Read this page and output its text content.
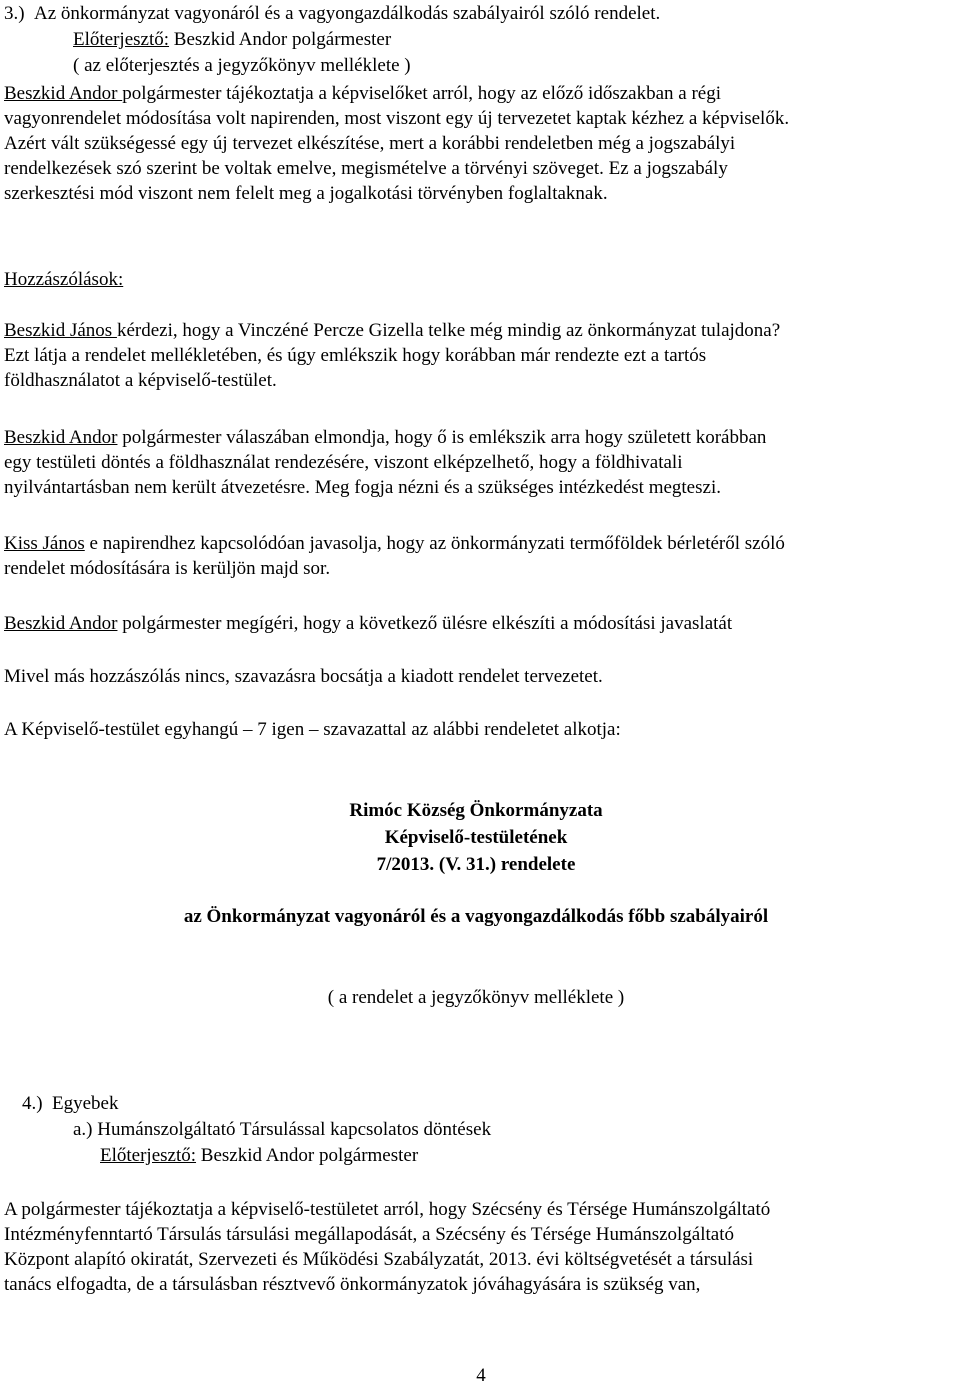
3.) Az önkormányzat vagyonáról és a vagyongazdálkodás szabályairól szóló rendelet.
Előterjesztő: Beszkid Andor polgármester
( az előterjesztés a jegyzőkönyv melléklete )
Beszkid Andor polgármester tájékoztatja a képviselőket arról, hogy az előző időszakban a régi
vagyonrendelet módosítása volt napirenden, most viszont egy új tervezetet kaptak kézhez a képviselők.
Azért vált szükségessé egy új tervezet elkészítése, mert a korábbi rendeletben még a jogszabályi
rendelkezések szó szerint be voltak emelve, megismételve a törvényi szöveget. Ez a jogszabály
szerkesztési mód viszont nem felelt meg a jogalkotási törvényben foglaltaknak.
Hozzászólások:
Beszkid János kérdezi, hogy a Vinczéné Percze Gizella telke még mindig az önkormányzat tulajdona?
Ezt látja a rendelet mellékletében, és úgy emlékszik hogy korábban már rendezte ezt a tartós
földhasználatot a képviselő-testület.
Beszkid Andor polgármester válaszában elmondja, hogy ő is emlékszik arra hogy született korábban
egy testületi döntés a földhasználat rendezésére, viszont elképzelhető, hogy a földhivatali
nyilvántartásban nem került átvezetésre. Meg fogja nézni és a szükséges intézkedést megteszi.
Kiss János e napirendhez kapcsolódóan javasolja, hogy az önkormányzati termőföldek bérletéről szóló
rendelet módosítására is kerüljön majd sor.
Beszkid Andor polgármester megígéri, hogy a következő ülésre elkészíti a módosítási javaslatát
Mivel más hozzászólás nincs, szavazásra bocsátja a kiadott rendelet tervezetet.
A Képviselő-testület egyhangú – 7 igen – szavazattal az alábbi rendeletet alkotja:
Rimóc Község Önkormányzata
Képviselő-testületének
7/2013. (V. 31.) rendelete
az Önkormányzat vagyonáról és a vagyongazdálkodás főbb szabályairól
( a rendelet a jegyzőkönyv melléklete )
4.) Egyebek
a.) Humánszolgáltató Társulással kapcsolatos döntések
Előterjesztő: Beszkid Andor polgármester
A polgármester tájékoztatja a képviselő-testületet arról, hogy Szécsény és Térsége Humánszolgáltató
Intézményfenntartó Társulás társulási megállapodását, a Szécsény és Térsége Humánszolgáltató
Központ alapító okiratát, Szervezeti és Működési Szabályzatát, 2013. évi költségvetését a társulási
tanács elfogadta, de a társulásban résztvevő önkormányzatok jóváhagyására is szükség van,
4
